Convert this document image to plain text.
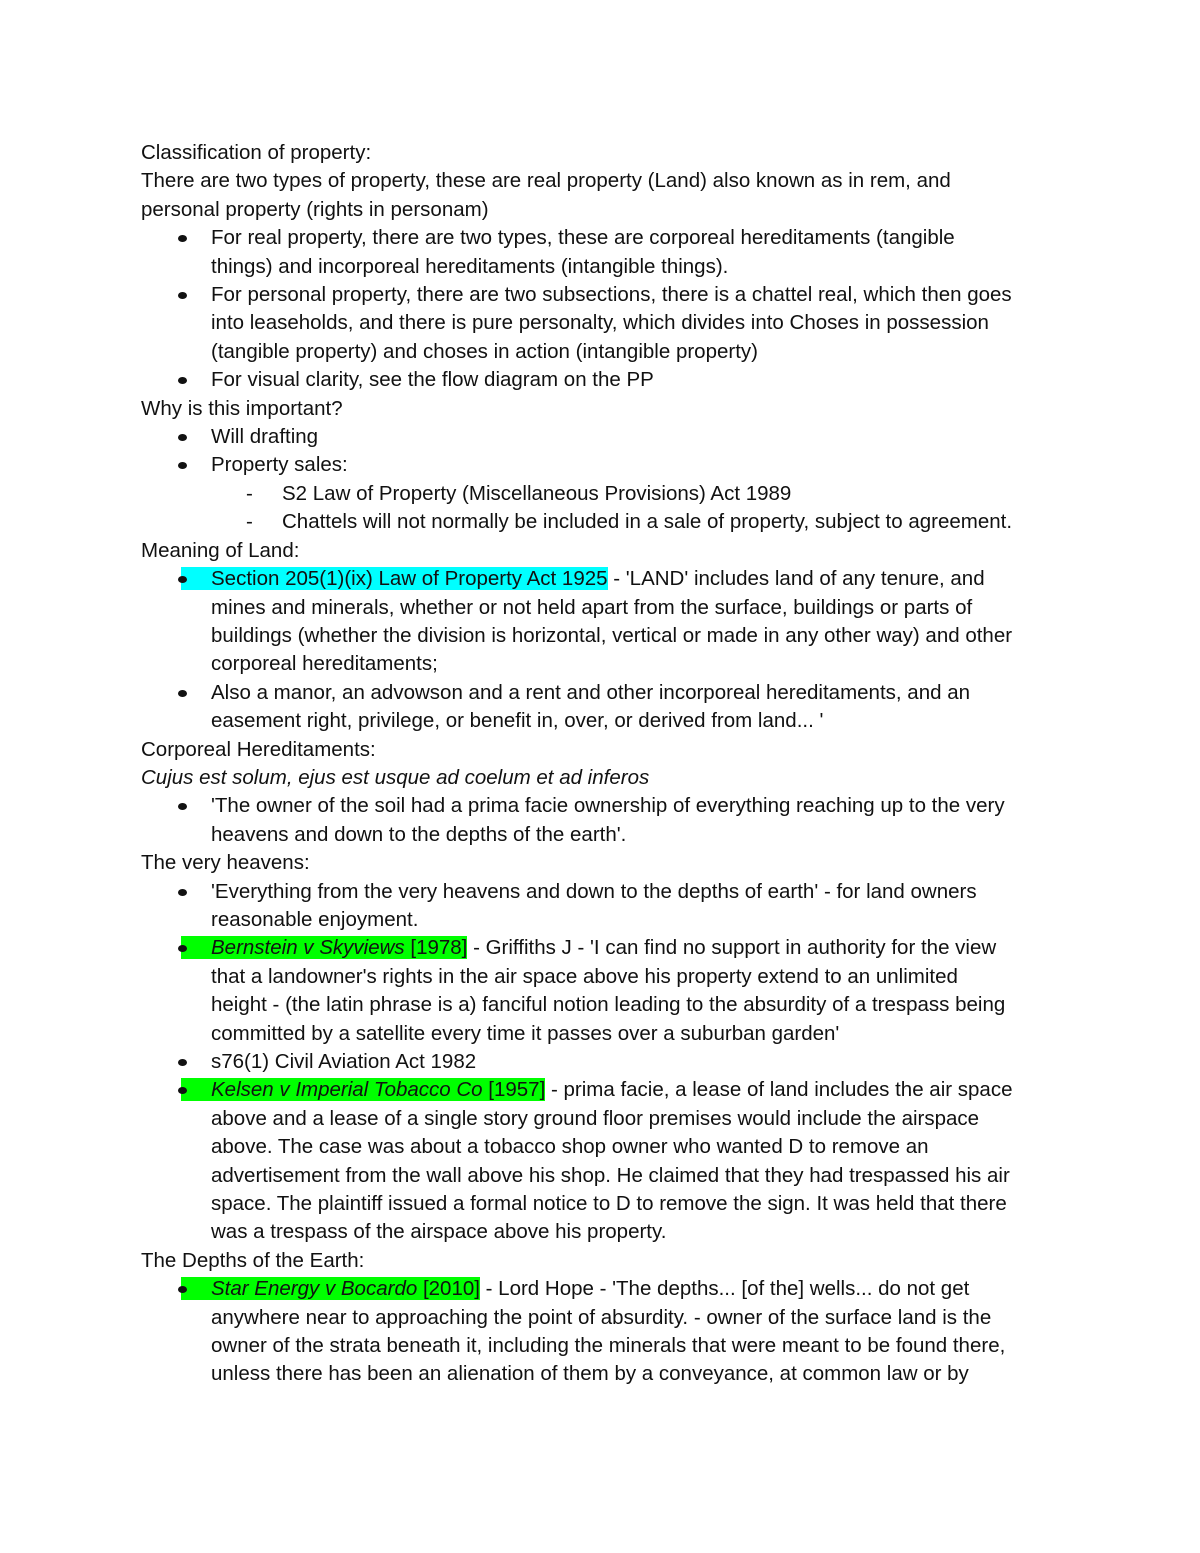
Classification of property:

There are two types of property, these are real property (Land) also known as in rem, and

personal property (rights in personam)

For real property, there are two types, these are corporeal hereditaments (tangible
things) and incorporeal hereditaments (intangible things).
For personal property, there are two subsections, there is a chattel real, which then goes
into leaseholds, and there is pure personalty, which divides into Choses in possession
(tangible property) and choses in action (intangible property)
For visual clarity, see the flow diagram on the PP

Why is this important?

Will drafting
Property sales:
- S2 Law of Property (Miscellaneous Provisions) Act 1989
- Chattels will not normally be included in a sale of property, subject to agreement.

Meaning of Land:

Section 205(1)(ix) Law of Property Act 1925 - 'LAND' includes land of any tenure, and
mines and minerals, whether or not held apart from the surface, buildings or parts of
buildings (whether the division is horizontal, vertical or made in any other way) and other
corporeal hereditaments;
Also a manor, an advowson and a rent and other incorporeal hereditaments, and an
easement right, privilege, or benefit in, over, or derived from land... '

Corporeal Hereditaments:

Cujus est solum, ejus est usque ad coelum et ad inferos

'The owner of the soil had a prima facie ownership of everything reaching up to the very
heavens and down to the depths of the earth'.

The very heavens:

'Everything from the very heavens and down to the depths of earth' - for land owners
reasonable enjoyment.
Bernstein v Skyviews [1978] - Griffiths J - 'I can find no support in authority for the view
that a landowner's rights in the air space above his property extend to an unlimited
height - (the latin phrase is a) fanciful notion leading to the absurdity of a trespass being
committed by a satellite every time it passes over a suburban garden'
s76(1) Civil Aviation Act 1982
Kelsen v Imperial Tobacco Co [1957] - prima facie, a lease of land includes the air space
above and a lease of a single story ground floor premises would include the airspace
above. The case was about a tobacco shop owner who wanted D to remove an
advertisement from the wall above his shop. He claimed that they had trespassed his air
space. The plaintiff issued a formal notice to D to remove the sign. It was held that there
was a trespass of the airspace above his property.

The Depths of the Earth:

Star Energy v Bocardo [2010] - Lord Hope - 'The depths... [of the] wells... do not get
anywhere near to approaching the point of absurdity. - owner of the surface land is the
owner of the strata beneath it, including the minerals that were meant to be found there,
unless there has been an alienation of them by a conveyance, at common law or by
